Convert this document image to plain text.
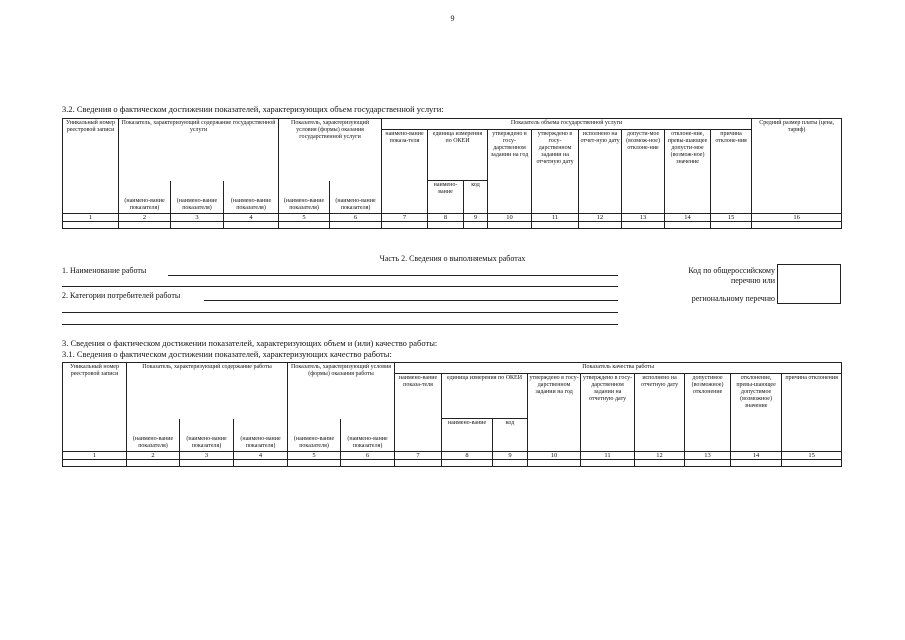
9
3.2. Сведения о фактическом достижении показателей, характеризующих объем государственной услуги:
Уникальный номер реестровой записи	Показатель, характеризующий содержание государственной услуги			Показатель, характеризующий условия (формы) оказания государственной услуги		Показатель объема государственной услуги									Средний размер платы (цена, тариф)
						наимено-вание показа-теля	единица измерения по ОКЕИ		утверждено в госу-дарственном задании на год	утверждено в госу-дарственном задании на отчетную дату	исполнено на отчет-ную дату	допусти-мое (возмож-ное) отклоне-ние	отклоне-ние, превы-шающее допусти-мое (возмож-ное) значение	причина отклоне-ния	
	(наимено-вание показателя)	(наимено-вание показателя)	(наимено-вание показателя)	(наимено-вание показателя)	(наимено-вание показателя)		наимено-вание	код							
1	2	3	4	5	6	7	8	9	10	11	12	13	14	15	16

Часть 2. Сведения о выполняемых работах
1. Наименование работы
2. Категории потребителей работы
Код по общероссийскому
перечню или
региональному перечню
3. Сведения о фактическом достижении показателей, характеризующих объем и (или) качество работы:
3.1. Сведения о фактическом достижении показателей, характеризующих качество работы:
Уникальный номер реестровой записи	Показатель, характеризующий содержание работы			Показатель, характеризующий условия (формы) оказания работы		Показатель качества работы								
						наимено-вание показа-теля	единица измерения по ОКЕИ		утверждено в госу-дарственном задании на год	утверждено в госу-дарственном задании на отчетную дату	исполнено на отчетную дату	допустимое (возможное) отклонение	отклонение, превы-шающее допустимое (возможное) значение	причина отклонения
	(наимено-вание показателя)	(наимено-вание показателя)	(наимено-вание показателя)	(наимено-вание показателя)	(наимено-вание показателя)		наимено-вание	код						
1	2	3	4	5	6	7	8	9	10	11	12	13	14	15
